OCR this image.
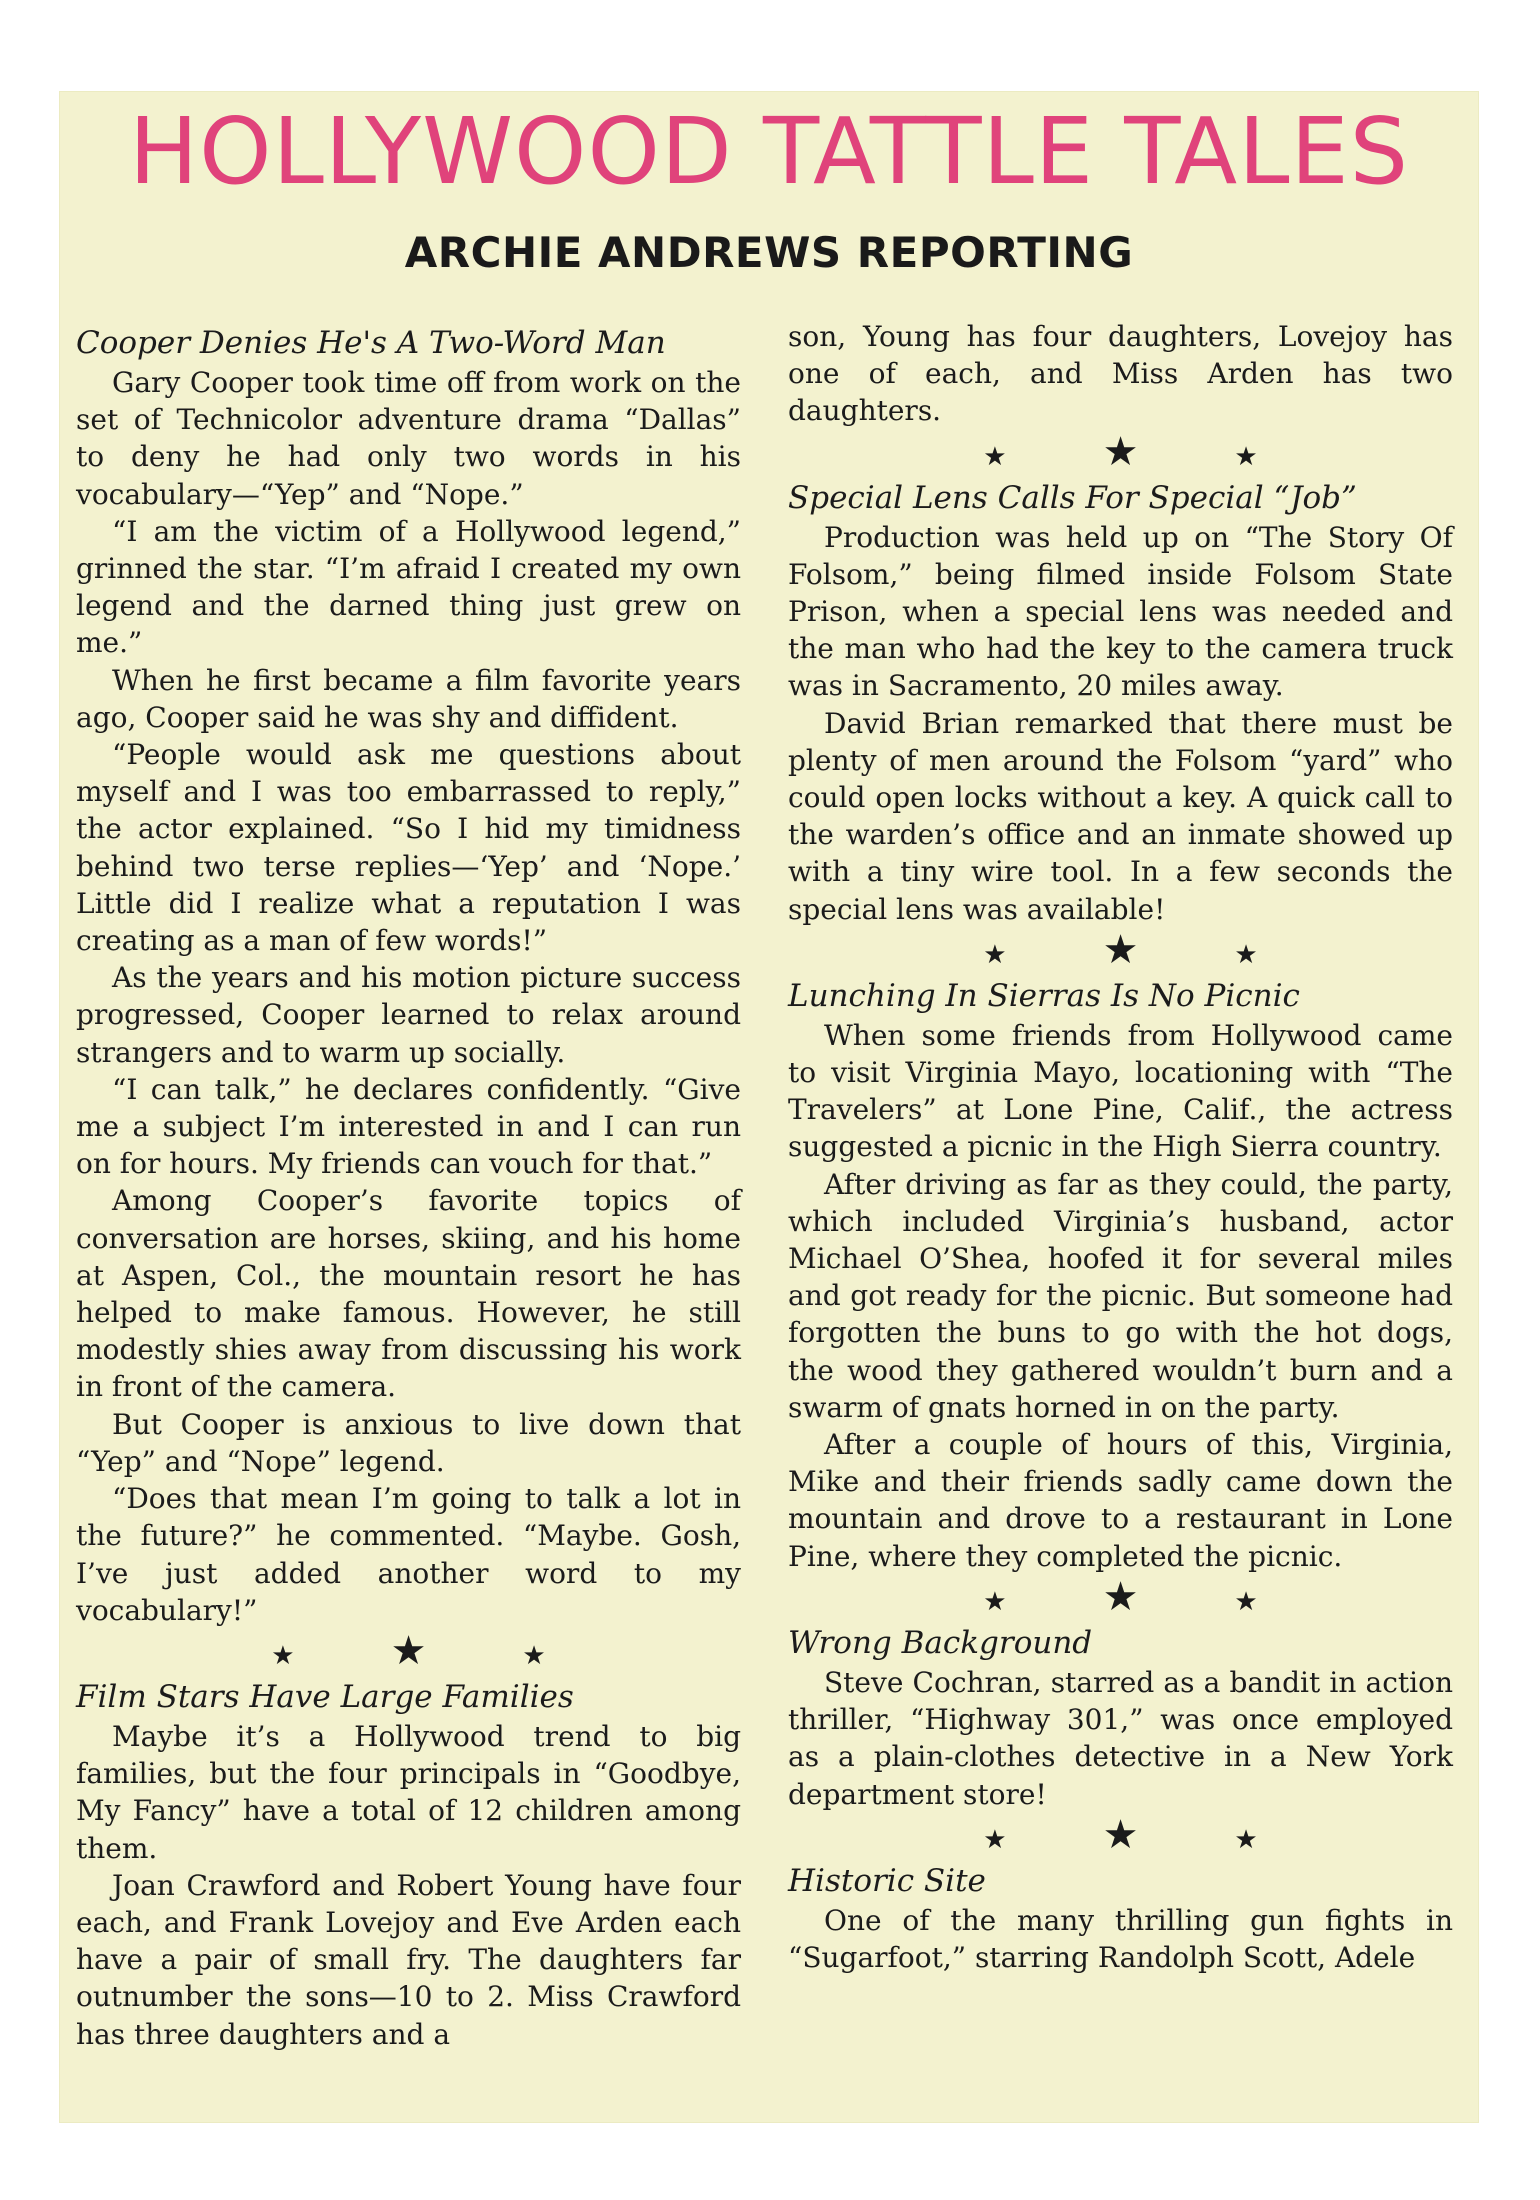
HOLLYWOOD TATTLE TALES
ARCHIE ANDREWS REPORTING
Cooper Denies He's A Two-Word Man

Gary Cooper took time off from work on the set of Technicolor adventure drama “Dallas” to deny he had only two words in his vocabulary—“Yep” and “Nope.”

“I am the victim of a Hollywood legend,” grinned the star. “I’m afraid I created my own legend and the darned thing just grew on me.”

When he first became a film favorite years ago, Cooper said he was shy and diffident.

“People would ask me questions about myself and I was too embarrassed to reply,” the actor explained. “So I hid my timidness behind two terse replies—‘Yep’ and ‘Nope.’ Little did I realize what a reputation I was creating as a man of few words!”

As the years and his motion picture success progressed, Cooper learned to relax around strangers and to warm up socially.

“I can talk,” he declares confidently. “Give me a subject I’m interested in and I can run on for hours. My friends can vouch for that.”

Among Cooper’s favorite topics of conversation are horses, skiing, and his home at Aspen, Col., the mountain resort he has helped to make famous. However, he still modestly shies away from discussing his work in front of the camera.

But Cooper is anxious to live down that “Yep” and “Nope” legend.

“Does that mean I’m going to talk a lot in the future?” he commented. “Maybe. Gosh, I’ve just added another word to my vocabulary!”

★ ★	★
Film Stars Have Large Families

Maybe it’s a Hollywood trend to big families, but the four principals in “Goodbye, My Fancy” have a total of 12 children among them.

Joan Crawford and Robert Young have four each, and Frank Lovejoy and Eve Arden each have a pair of small fry. The daughters far outnumber the sons—10 to 2. Miss Crawford has three daughters and a

son, Young has four daughters, Lovejoy has one of each, and Miss Arden has two daughters.

★ ★	★
Special Lens Calls For Special “Job”

Production was held up on “The Story Of Folsom,” being filmed inside Folsom State Prison, when a special lens was needed and the man who had the key to the camera truck was in Sacramento, 20 miles away.

David Brian remarked that there must be plenty of men around the Folsom “yard” who could open locks without a key. A quick call to the warden’s office and an inmate showed up with a tiny wire tool. In a few seconds the special lens was available!

★ ★	★
Lunching In Sierras Is No Picnic

When some friends from Hollywood came to visit Virginia Mayo, locationing with “The Travelers” at Lone Pine, Calif., the actress suggested a picnic in the High Sierra country.

After driving as far as they could, the party, which included Virginia’s husband, actor Michael O’Shea, hoofed it for several miles and got ready for the picnic. But someone had forgotten the buns to go with the hot dogs, the wood they gathered wouldn’t burn and a swarm of gnats horned in on the party.

After a couple of hours of this, Virginia, Mike and their friends sadly came down the mountain and drove to a restaurant in Lone Pine, where they completed the picnic.

★ ★	★
Wrong Background

Steve Cochran, starred as a bandit in action thriller, “Highway 301,” was once employed as a plain-clothes detective in a New York department store!

★ ★	★
Historic Site

One of the many thrilling gun fights in “Sugarfoot,” starring Randolph Scott, Adele
